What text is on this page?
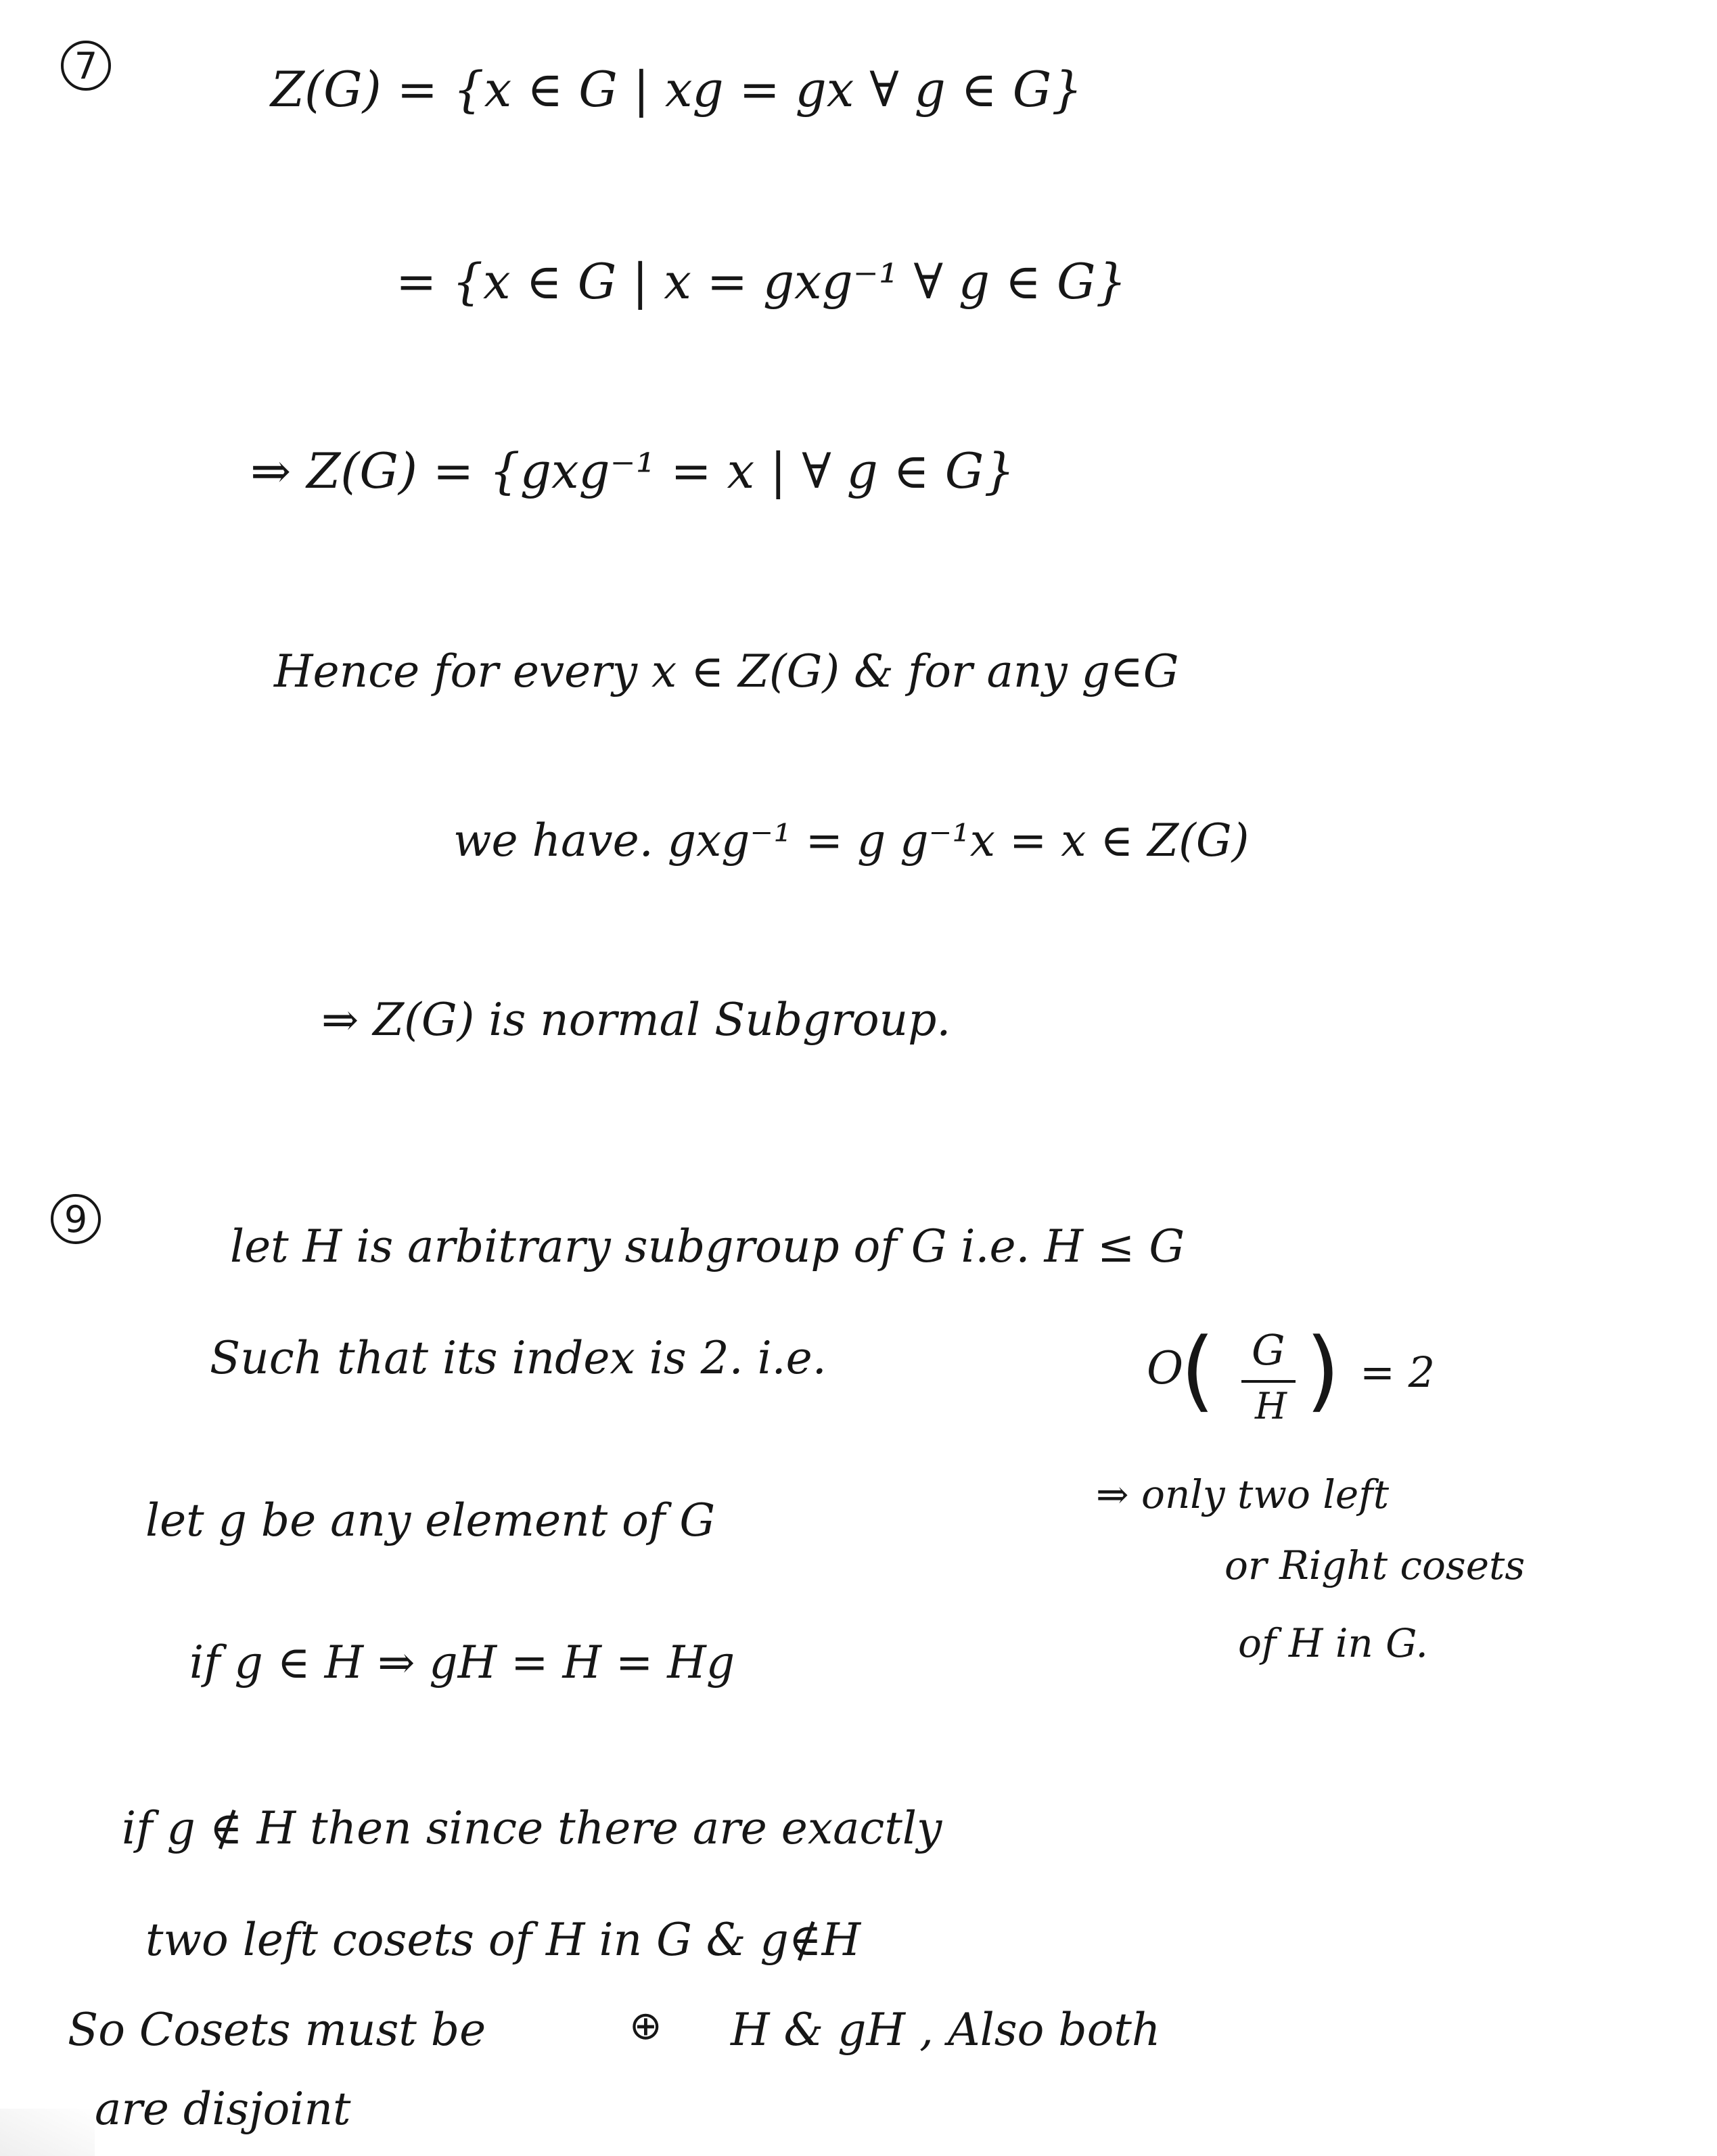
7	Z(G) = {x ∈ G | xg = gx ∀ g ∈ G}
= {x ∈ G | x = gxg⁻¹ ∀ g ∈ G}
⇒ Z(G) = {gxg⁻¹ = x | ∀ g ∈ G}
Hence for every x ∈ Z(G) & for any g∈G
we have. gxg⁻¹ = g g⁻¹x = x ∈ Z(G)
⇒ Z(G) is normal Subgroup.
9
let H is arbitrary subgroup of G i.e. H ≤ G
Such that its index is 2. i.e.	O
( G
H ) = 2
let g be any element of G	⇒ only two left
or Right cosets
of H in G.
if g ∈ H ⇒ gH = H = Hg
if g ∉ H then since there are exactly
two left cosets of H in G & g∉H
So Cosets must be	⊕ H & gH , Also both
are disjoint
